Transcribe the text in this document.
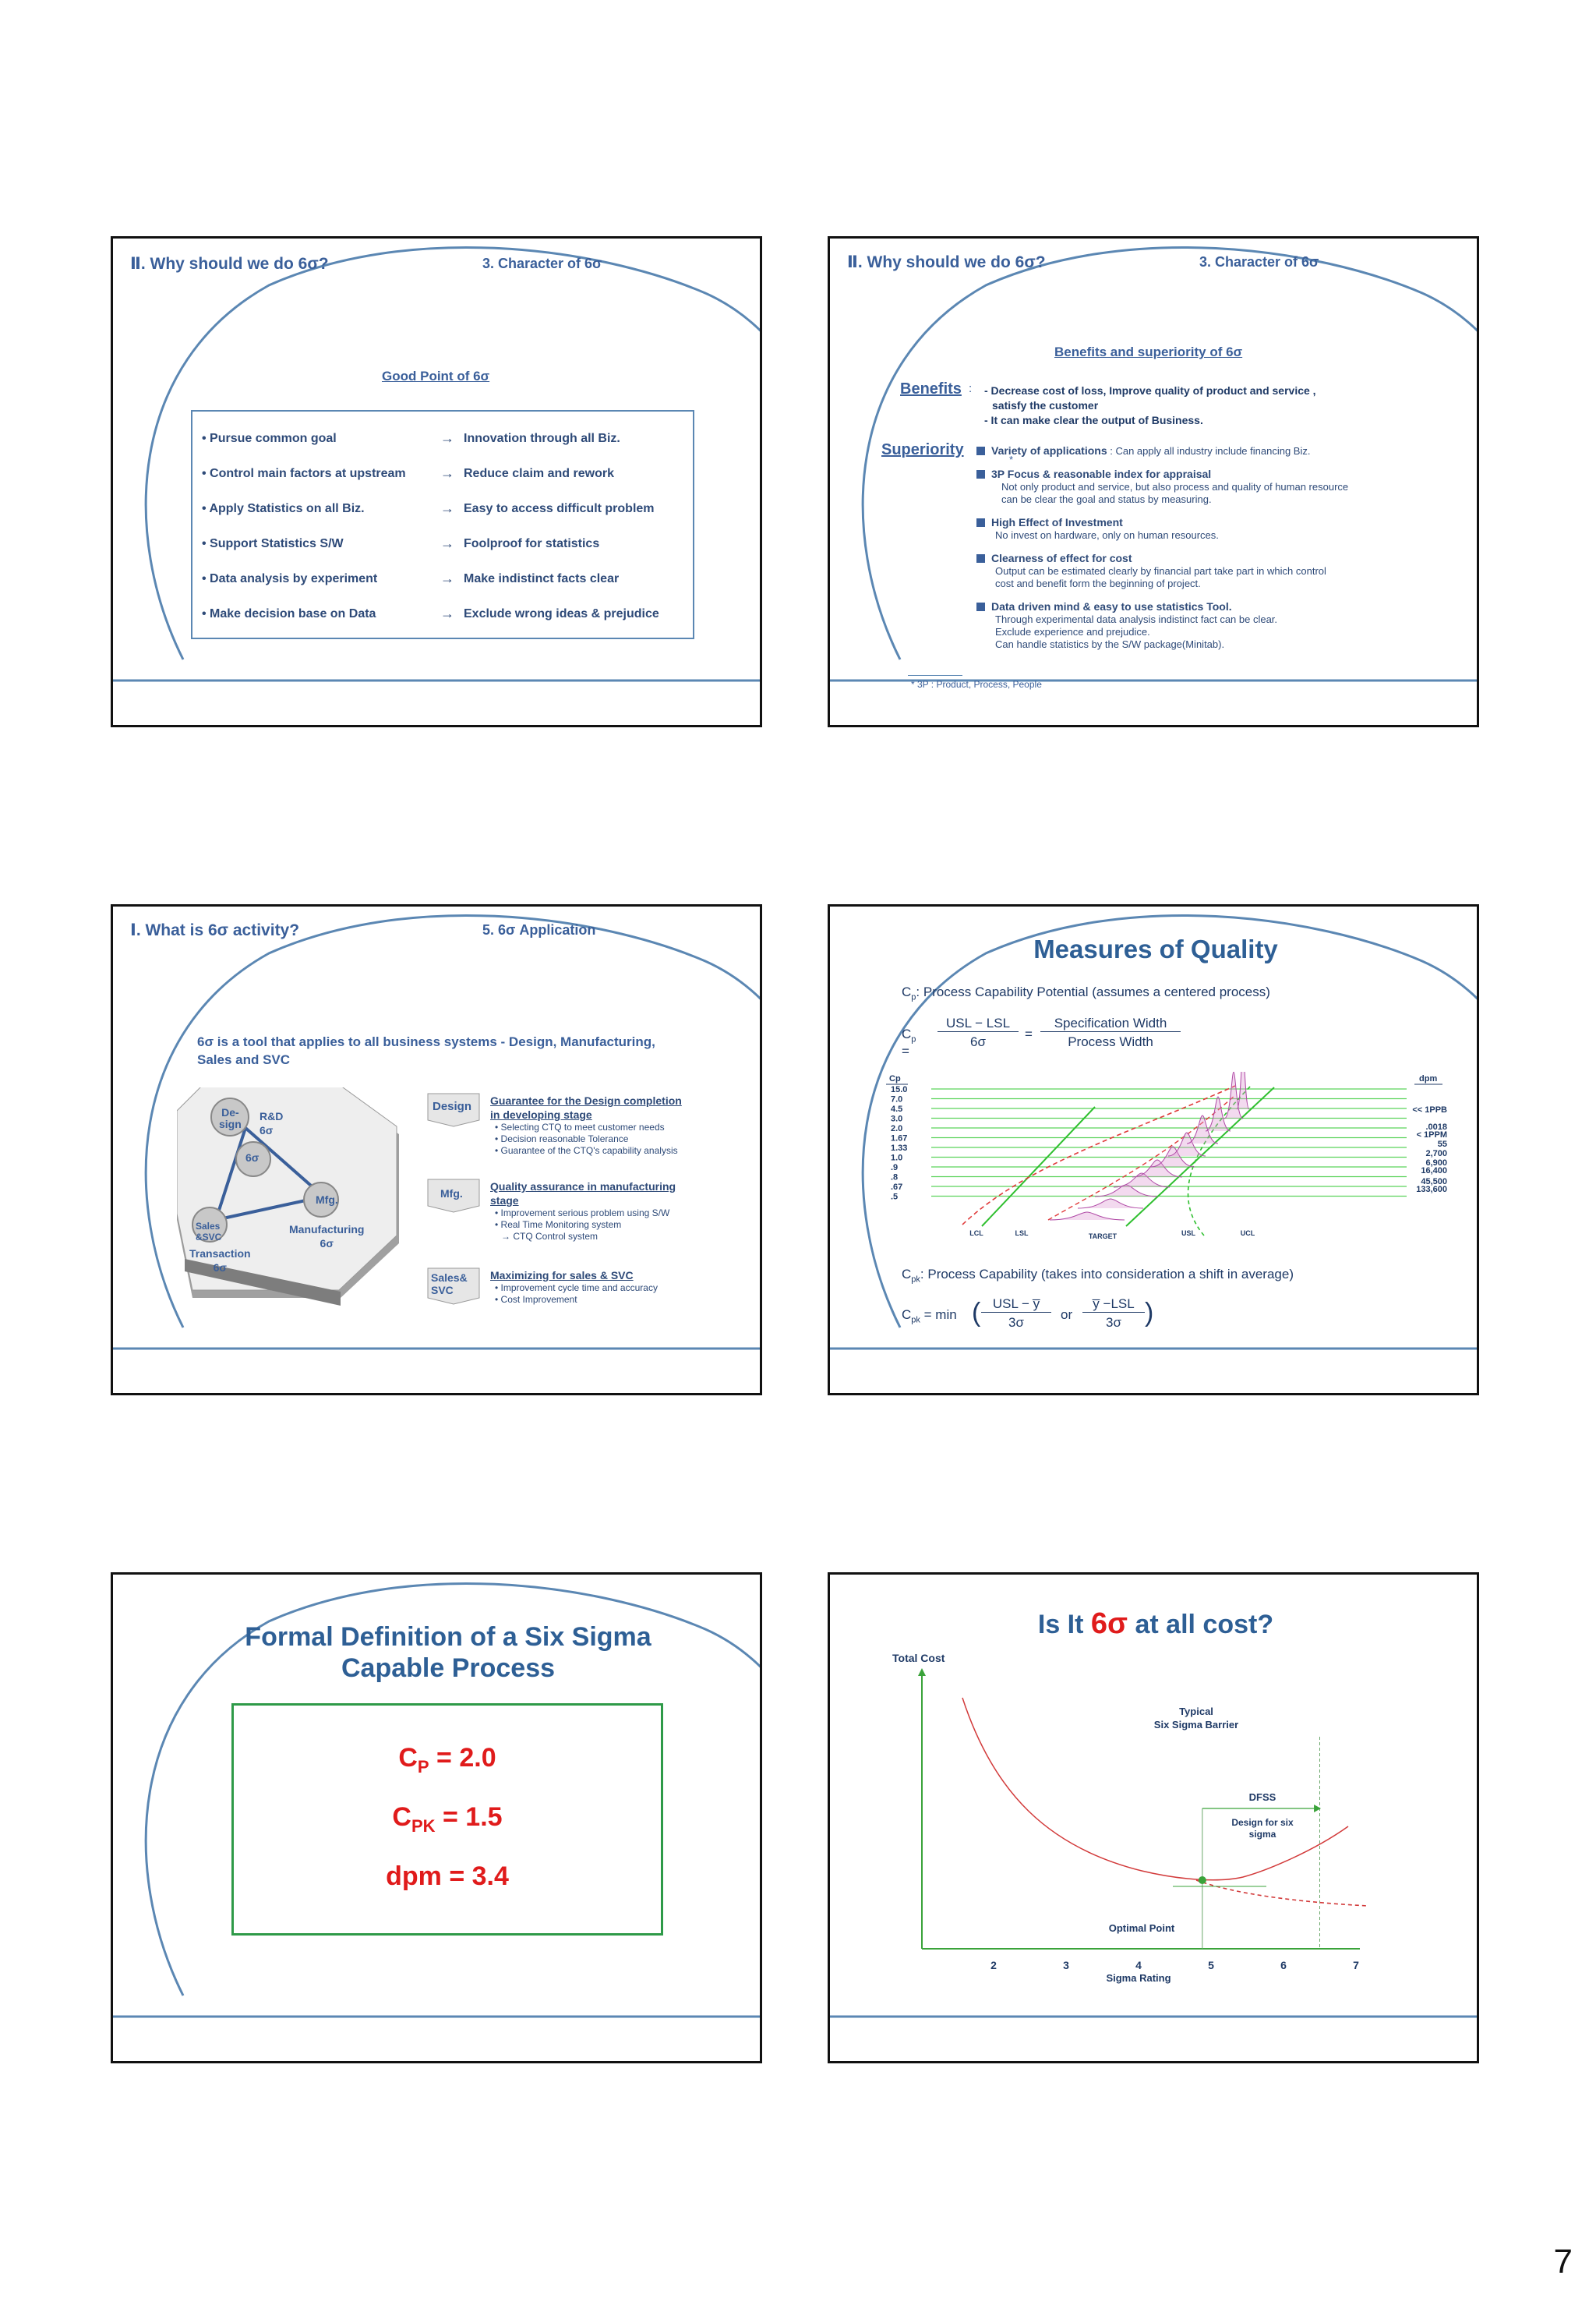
Ⅱ. Why should we do 6σ?	3. Character of 6σ
Good Point of 6σ
• Pursue common goal	→ Innovation through all Biz.
• Control main factors at upstream → Reduce claim and rework
• Apply Statistics on all Biz.	→ Easy to access difficult problem
• Support Statistics S/W	→ Foolproof for statistics
• Data analysis by experiment	→ Make indistinct facts clear
• Make decision base on Data	→ Exclude wrong ideas & prejudice
Ⅱ. Why should we do 6σ?	3. Character of 6σ
Benefits and superiority of 6σ
Benefits : - Decrease cost of loss, Improve quality of product and service ,
satisfy the customer
- It can make clear the output of Business.
Superiority
*
Variety of applications : Can apply all industry include financing Biz.
3P Focus & reasonable index for appraisal
Not only product and service, but also process and quality of human resource
can be clear the goal and status by measuring.
High Effect of Investment
No invest on hardware, only on human resources.
Clearness of effect for cost
Output can be estimated clearly by financial part take part in which control
cost and benefit form the beginning of project.
Data driven mind & easy to use statistics Tool.
Through experimental data analysis indistinct fact can be clear.
Exclude experience and prejudice.
Can handle statistics by the S/W package(Minitab).
* 3P : Product, Process, People
Ⅰ. What is 6σ activity?	5. 6σ Application
6σ is a tool that applies to all business systems - Design, Manufacturing,
Sales and SVC
De-
sign
R&D
6σ
6σ
Mfg.
Sales
&SVC
Manufacturing
6σ
Transaction
6σ
Design
Mfg.
Sales&
SVC
Guarantee for the Design completion
in developing stage
• Selecting CTQ to meet customer needs
• Decision reasonable Tolerance
• Guarantee of the CTQ's capability analysis
Quality assurance in manufacturing
stage
• Improvement serious problem using S/W
• Real Time Monitoring system
→ CTQ Control system
Maximizing for sales & SVC
• Improvement cycle time and accuracy
• Cost Improvement
Measures of Quality
$C_p$: Process Capability Potential (assumes a centered process)
$C_p$ =
USL − LSL
6σ
=
Specification Width
Process Width
Cp
15.0
7.0
4.5
3.0
2.0
1.67
1.33
1.0
.9
.8
.67
.5
dpm
<< 1PPB
.0018
< 1PPM
55
2,700
6,900
16,400
45,500
133,600
LCL	LSL	TARGET	USL	UCL
$C_{pk}$: Process Capability (takes into consideration a shift in average)
$C_{pk} = \min$ ( USL − y̅
3σ
or
y̅ −LSL
3σ )
Formal Definition of a Six Sigma
Capable Process
$C_P = 2.0$
$C_{PK} = 1.5$
dpm = 3.4
Is It 6σ at all cost?
Total Cost
2	3	4	5	6	7
Sigma Rating
Typical
Six Sigma Barrier
DFSS
Design for six
sigma
Optimal Point
7
